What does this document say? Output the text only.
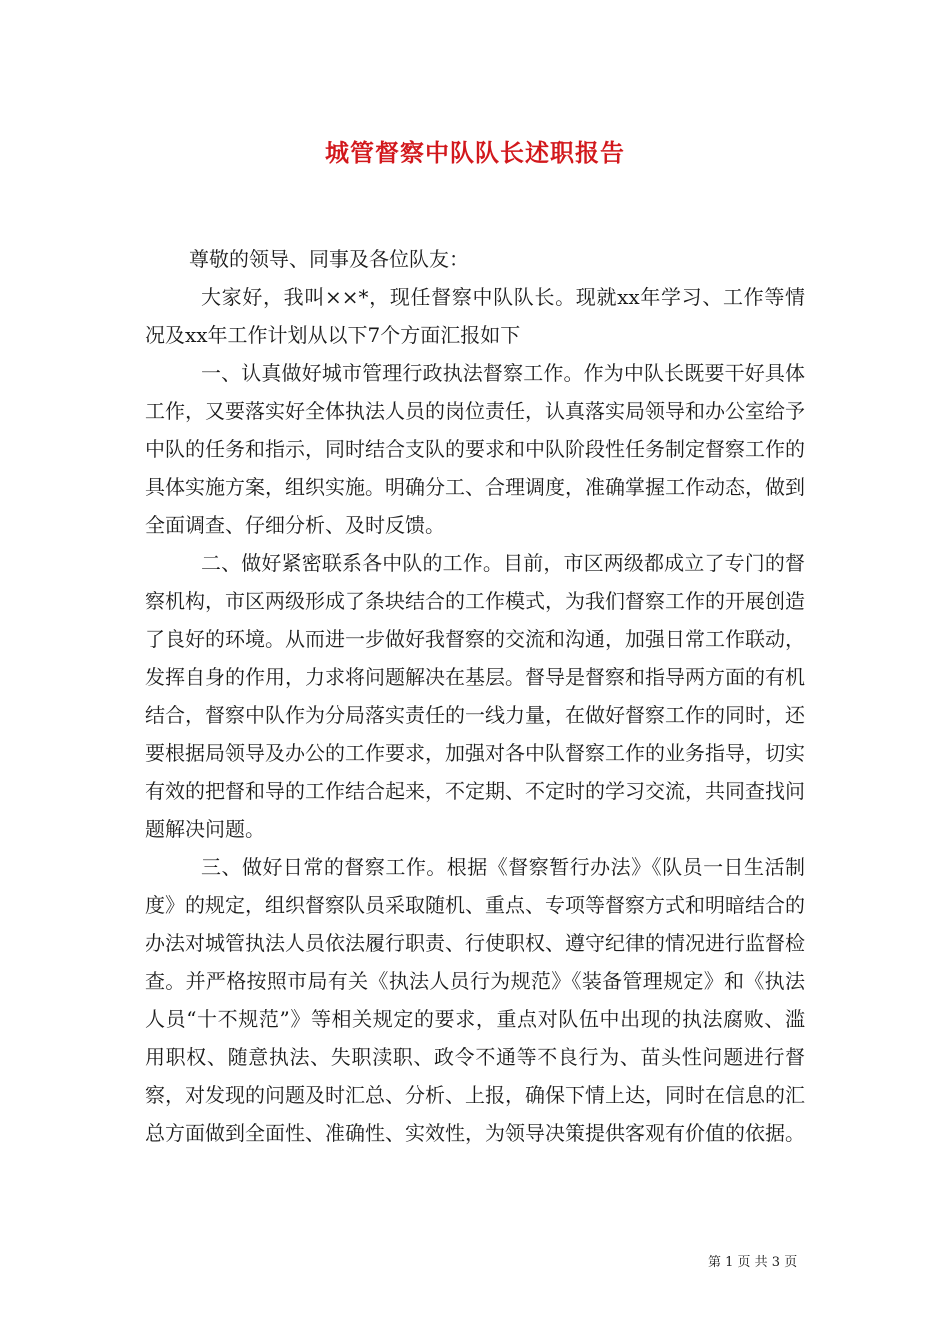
城管督察中队队长述职报告

尊敬的领导、同事及各位队友：

大家好，我叫××*，现任督察中队队长。现就xx年学习、工作等情况及xx年工作计划从以下7个方面汇报如下

一、认真做好城市管理行政执法督察工作。作为中队长既要干好具体工作，又要落实好全体执法人员的岗位责任，认真落实局领导和办公室给予中队的任务和指示，同时结合支队的要求和中队阶段性任务制定督察工作的具体实施方案，组织实施。明确分工、合理调度，准确掌握工作动态，做到全面调查、仔细分析、及时反馈。

二、做好紧密联系各中队的工作。目前，市区两级都成立了专门的督察机构，市区两级形成了条块结合的工作模式，为我们督察工作的开展创造了良好的环境。从而进一步做好我督察的交流和沟通，加强日常工作联动，发挥自身的作用，力求将问题解决在基层。督导是督察和指导两方面的有机结合，督察中队作为分局落实责任的一线力量，在做好督察工作的同时，还要根据局领导及办公的工作要求，加强对各中队督察工作的业务指导，切实有效的把督和导的工作结合起来，不定期、不定时的学习交流，共同查找问题解决问题。

三、做好日常的督察工作。根据《督察暂行办法》《队员一日生活制度》的规定，组织督察队员采取随机、重点、专项等督察方式和明暗结合的办法对城管执法人员依法履行职责、行使职权、遵守纪律的情况进行监督检查。并严格按照市局有关《执法人员行为规范》《装备管理规定》和《执法人员“十不规范”》等相关规定的要求，重点对队伍中出现的执法腐败、滥用职权、随意执法、失职渎职、政令不通等不良行为、苗头性问题进行督察，对发现的问题及时汇总、分析、上报，确保下情上达，同时在信息的汇总方面做到全面性、准确性、实效性，为领导决策提供客观有价值的依据。

第 1 页 共 3 页
